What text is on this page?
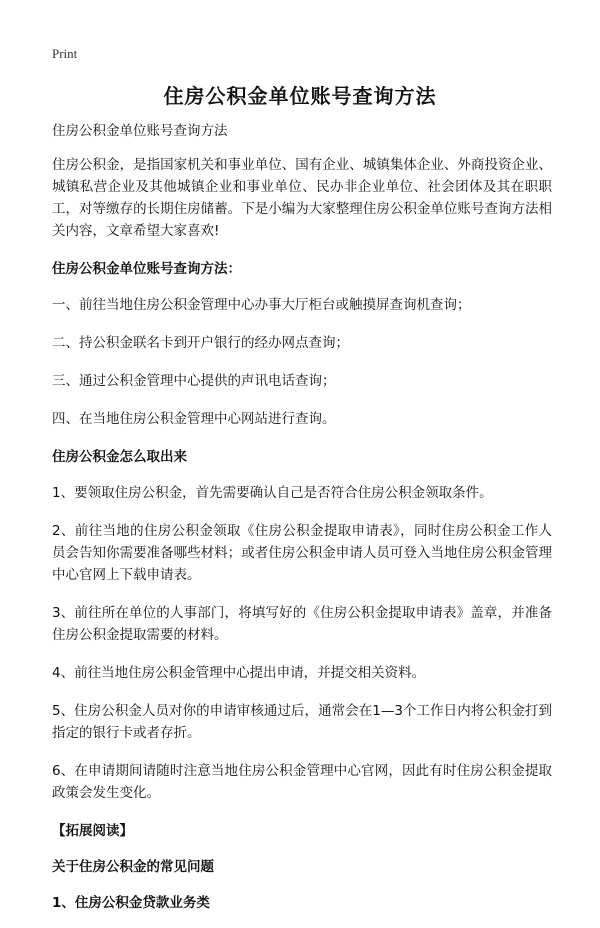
Print
住房公积金单位账号查询方法

住房公积金单位账号查询方法

住房公积金，是指国家机关和事业单位、国有企业、城镇集体企业、外商投资企业、城镇私营企业及其他城镇企业和事业单位、民办非企业单位、社会团体及其在职职工，对等缴存的长期住房储蓄。下是小编为大家整理住房公积金单位账号查询方法相关内容，文章希望大家喜欢!

住房公积金单位账号查询方法：

一、前往当地住房公积金管理中心办事大厅柜台或触摸屏查询机查询；

二、持公积金联名卡到开户银行的经办网点查询；

三、通过公积金管理中心提供的声讯电话查询；

四、在当地住房公积金管理中心网站进行查询。

住房公积金怎么取出来

1、要领取住房公积金，首先需要确认自己是否符合住房公积金领取条件。

2、前往当地的住房公积金领取《住房公积金提取申请表》，同时住房公积金工作人员会告知你需要准备哪些材料；或者住房公积金申请人员可登入当地住房公积金管理中心官网上下载申请表。

3、前往所在单位的人事部门，将填写好的《住房公积金提取申请表》盖章，并准备住房公积金提取需要的材料。

4、前往当地住房公积金管理中心提出申请，并提交相关资料。

5、住房公积金人员对你的申请审核通过后，通常会在1—3个工作日内将公积金打到指定的银行卡或者存折。

6、在申请期间请随时注意当地住房公积金管理中心官网，因此有时住房公积金提取政策会发生变化。

【拓展阅读】

关于住房公积金的常见问题

1、住房公积金贷款业务类
